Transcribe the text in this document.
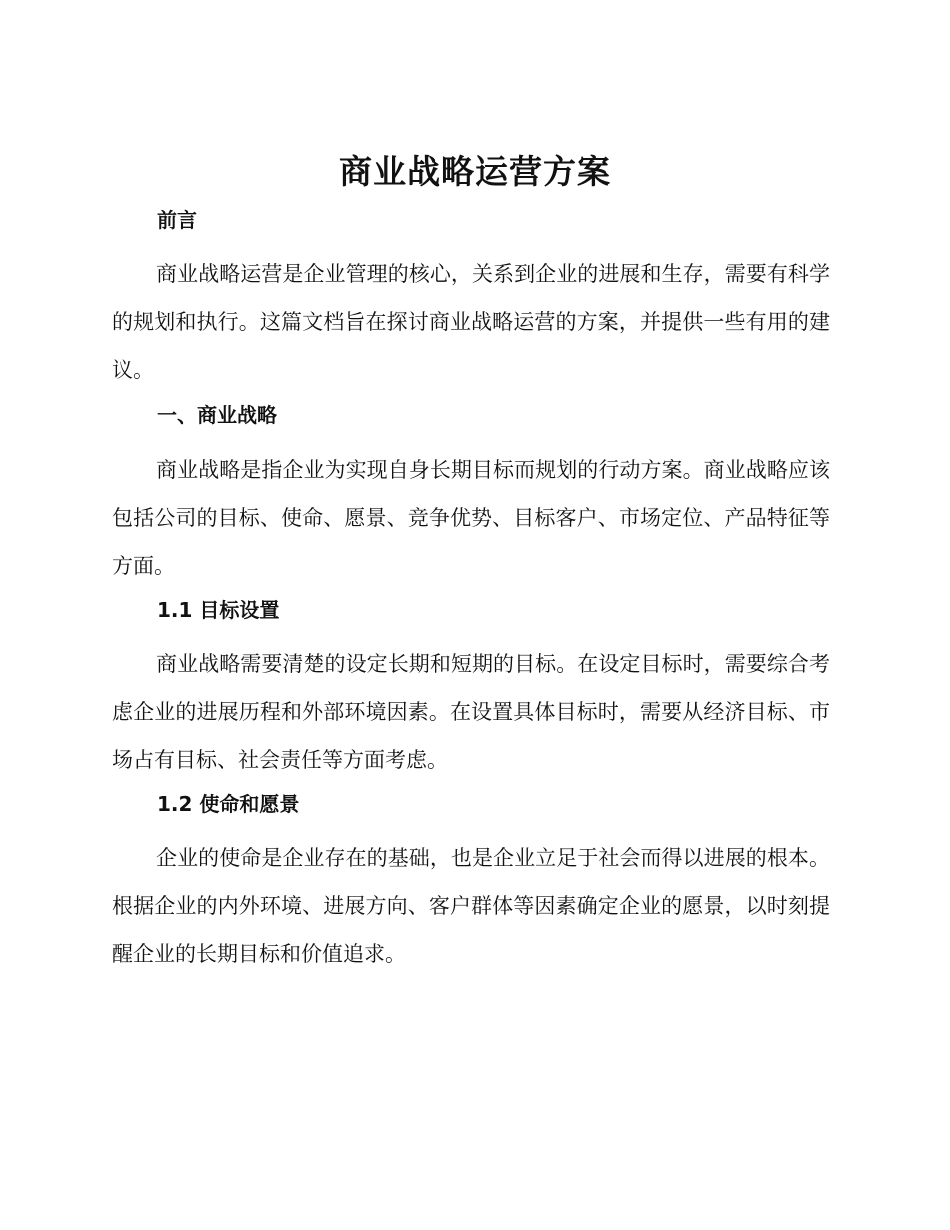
商业战略运营方案
前言

商业战略运营是企业管理的核心，关系到企业的进展和生存，需要有科学的规划和执行。这篇文档旨在探讨商业战略运营的方案，并提供一些有用的建议。

一、商业战略

商业战略是指企业为实现自身长期目标而规划的行动方案。商业战略应该包括公司的目标、使命、愿景、竞争优势、目标客户、市场定位、产品特征等方面。

1.1 目标设置

商业战略需要清楚的设定长期和短期的目标。在设定目标时，需要综合考虑企业的进展历程和外部环境因素。在设置具体目标时，需要从经济目标、市场占有目标、社会责任等方面考虑。

1.2 使命和愿景

企业的使命是企业存在的基础，也是企业立足于社会而得以进展的根本。根据企业的内外环境、进展方向、客户群体等因素确定企业的愿景，以时刻提醒企业的长期目标和价值追求。
